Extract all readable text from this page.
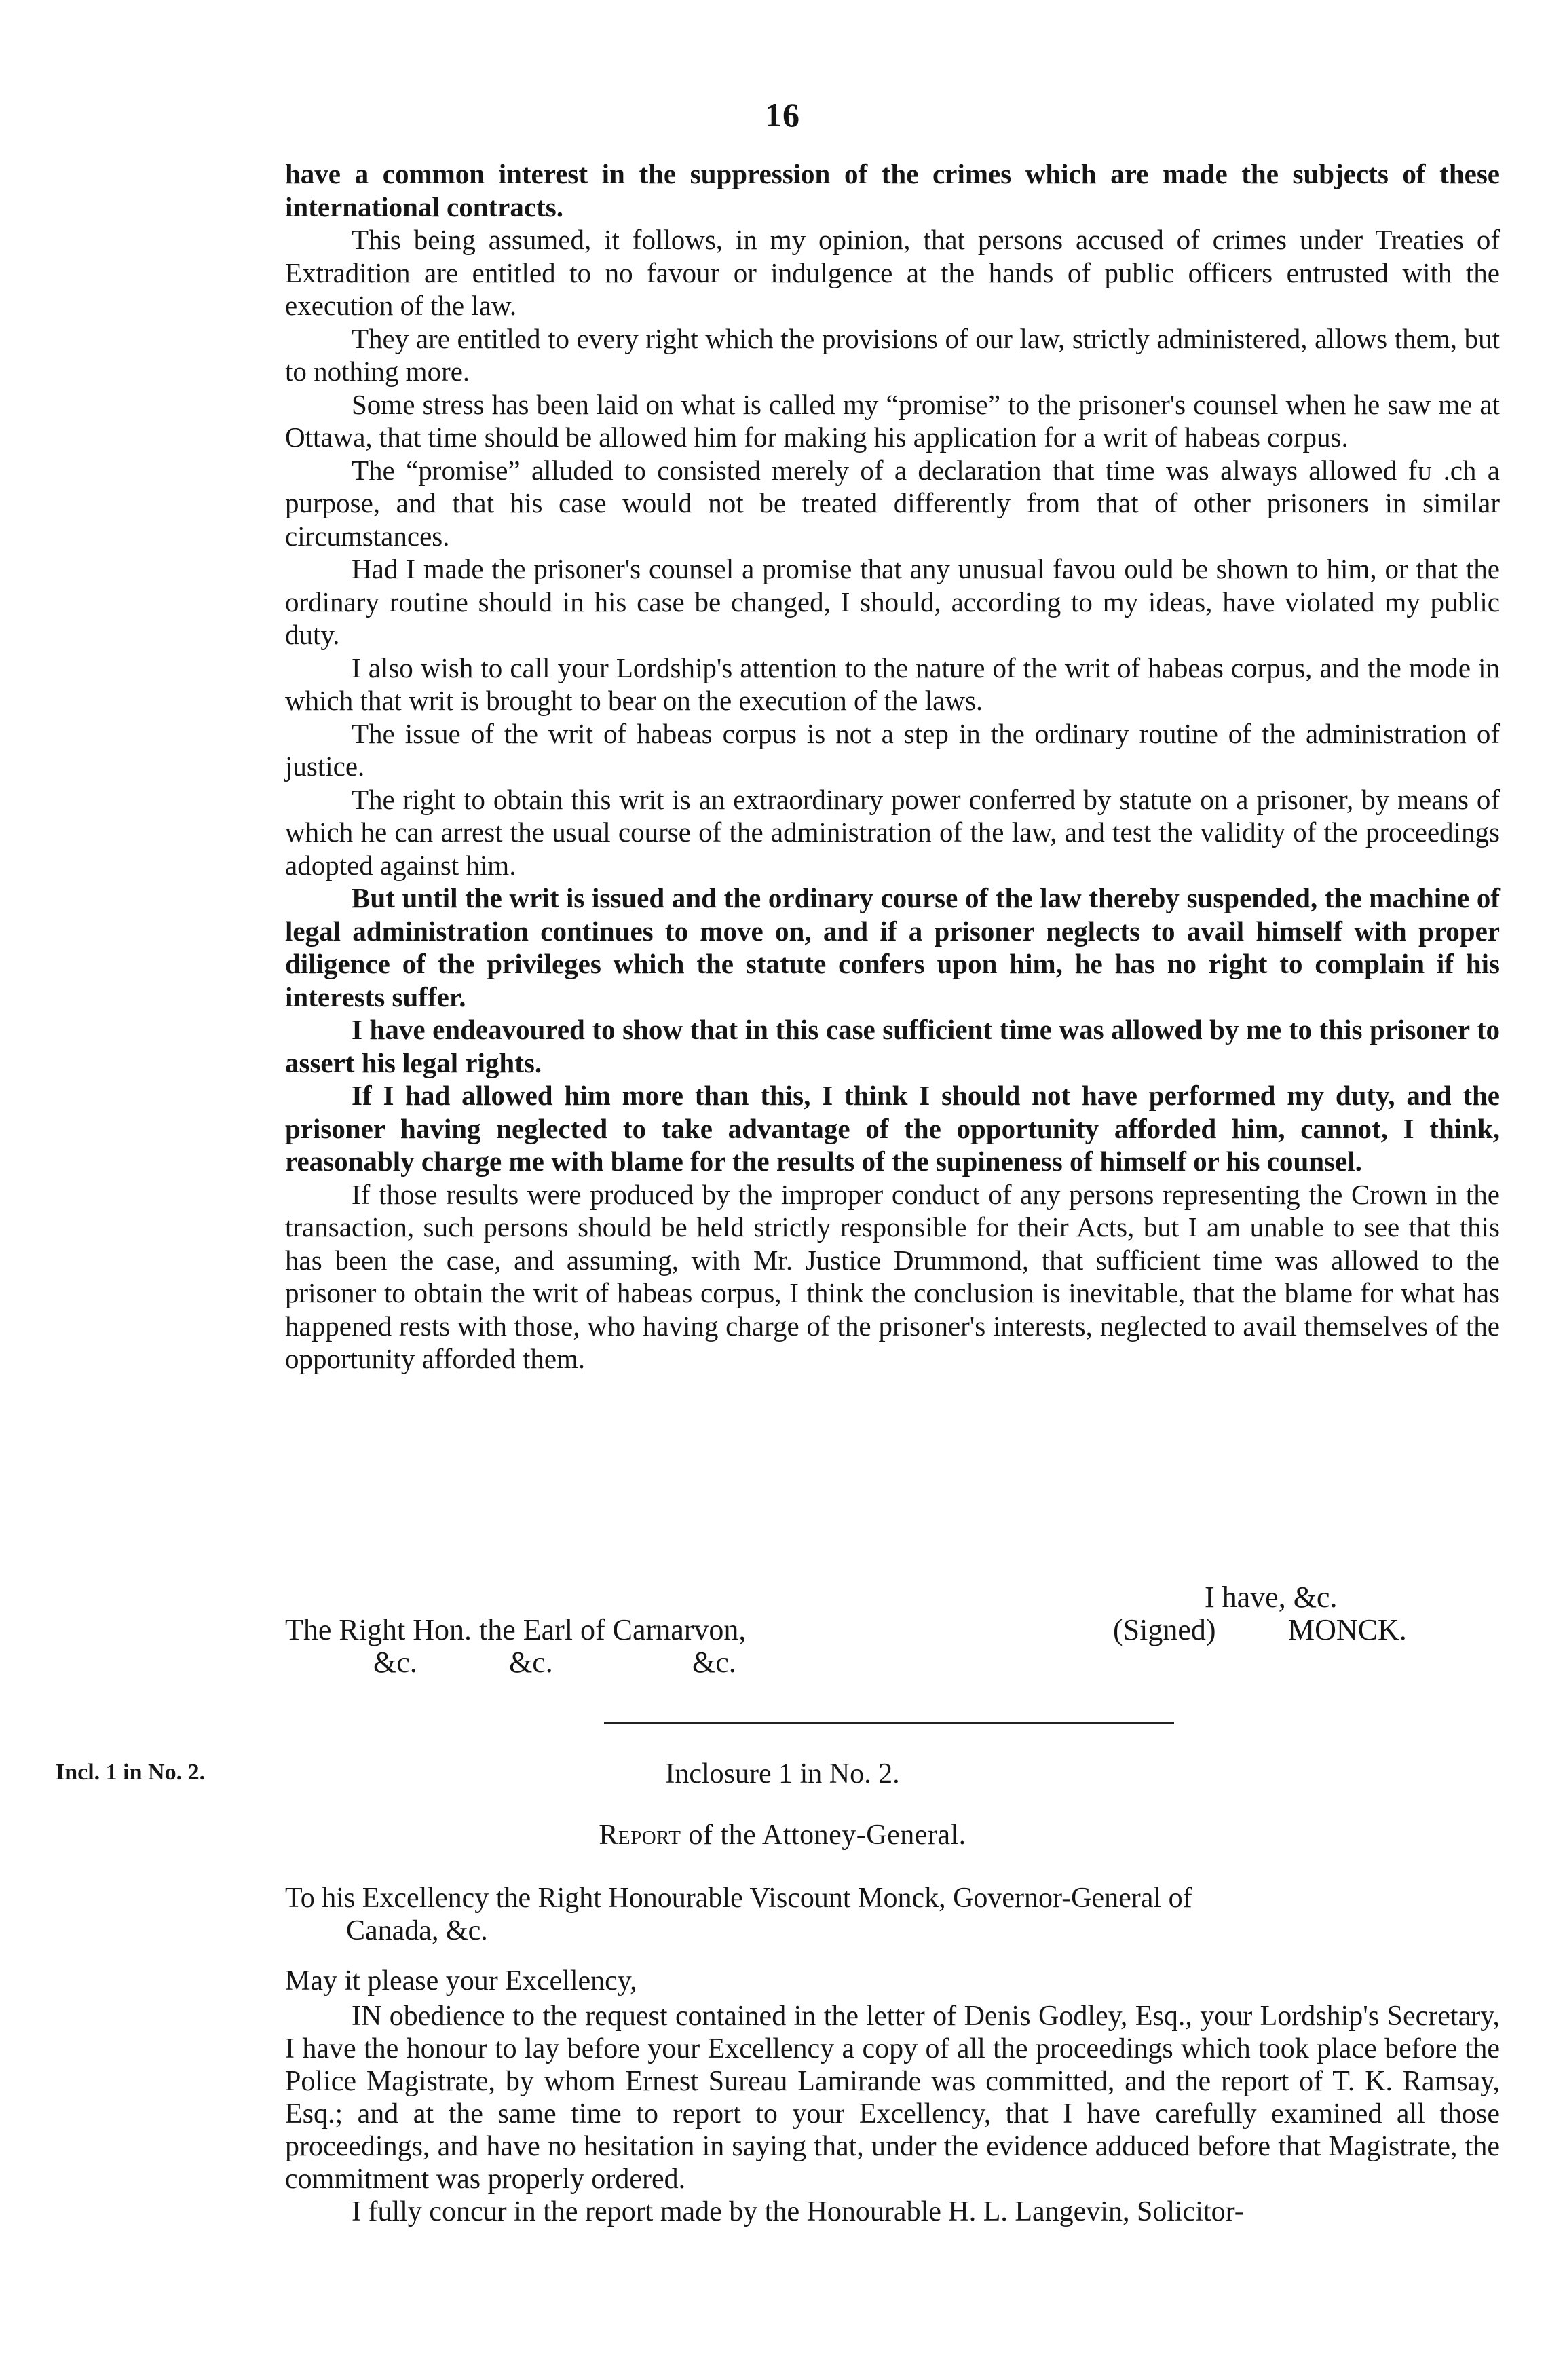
16

have a common interest in the suppression of the crimes which are made the subjects of these international contracts.

This being assumed, it follows, in my opinion, that persons accused of crimes under Treaties of Extradition are entitled to no favour or indulgence at the hands of public officers entrusted with the execution of the law.

They are entitled to every right which the provisions of our law, strictly administered, allows them, but to nothing more.

Some stress has been laid on what is called my “promise” to the prisoner's counsel when he saw me at Ottawa, that time should be allowed him for making his application for a writ of habeas corpus.

The “promise” alluded to consisted merely of a declaration that time was always allowed fᴜ .ch a purpose, and that his case would not be treated differently from that of other prisoners in similar circumstances.

Had I made the prisoner's counsel a promise that any unusual favou ould be shown to him, or that the ordinary routine should in his case be changed, I should, according to my ideas, have violated my public duty.

I also wish to call your Lordship's attention to the nature of the writ of habeas corpus, and the mode in which that writ is brought to bear on the execution of the laws.

The issue of the writ of habeas corpus is not a step in the ordinary routine of the administration of justice.

The right to obtain this writ is an extraordinary power conferred by statute on a prisoner, by means of which he can arrest the usual course of the administration of the law, and test the validity of the proceedings adopted against him.

But until the writ is issued and the ordinary course of the law thereby suspended, the machine of legal administration continues to move on, and if a prisoner neglects to avail himself with proper diligence of the privileges which the statute confers upon him, he has no right to complain if his interests suffer.

I have endeavoured to show that in this case sufficient time was allowed by me to this prisoner to assert his legal rights.

If I had allowed him more than this, I think I should not have performed my duty, and the prisoner having neglected to take advantage of the opportunity afforded him, cannot, I think, reasonably charge me with blame for the results of the supineness of himself or his counsel.

If those results were produced by the improper conduct of any persons representing the Crown in the transaction, such persons should be held strictly responsible for their Acts, but I am unable to see that this has been the case, and assuming, with Mr. Justice Drummond, that sufficient time was allowed to the prisoner to obtain the writ of habeas corpus, I think the conclusion is inevitable, that the blame for what has happened rests with those, who having charge of the prisoner's interests, neglected to avail themselves of the opportunity afforded them.

I have, &c.
The Right Hon. the Earl of Carnarvon,	(Signed) MONCK.
&c.	&c.	&c.
Incl. 1 in No. 2.	Inclosure 1 in No. 2.
Report of the Attoney-General.

To his Excellency the Right Honourable Viscount Monck, Governor-General of

Canada, &c.

May it please your Excellency,

IN obedience to the request contained in the letter of Denis Godley, Esq., your Lordship's Secretary, I have the honour to lay before your Excellency a copy of all the proceedings which took place before the Police Magistrate, by whom Ernest Sureau Lamirande was committed, and the report of T. K. Ramsay, Esq.; and at the same time to report to your Excellency, that I have carefully examined all those proceedings, and have no hesitation in saying that, under the evidence adduced before that Magistrate, the commitment was properly ordered.

I fully concur in the report made by the Honourable H. L. Langevin, Solicitor-
